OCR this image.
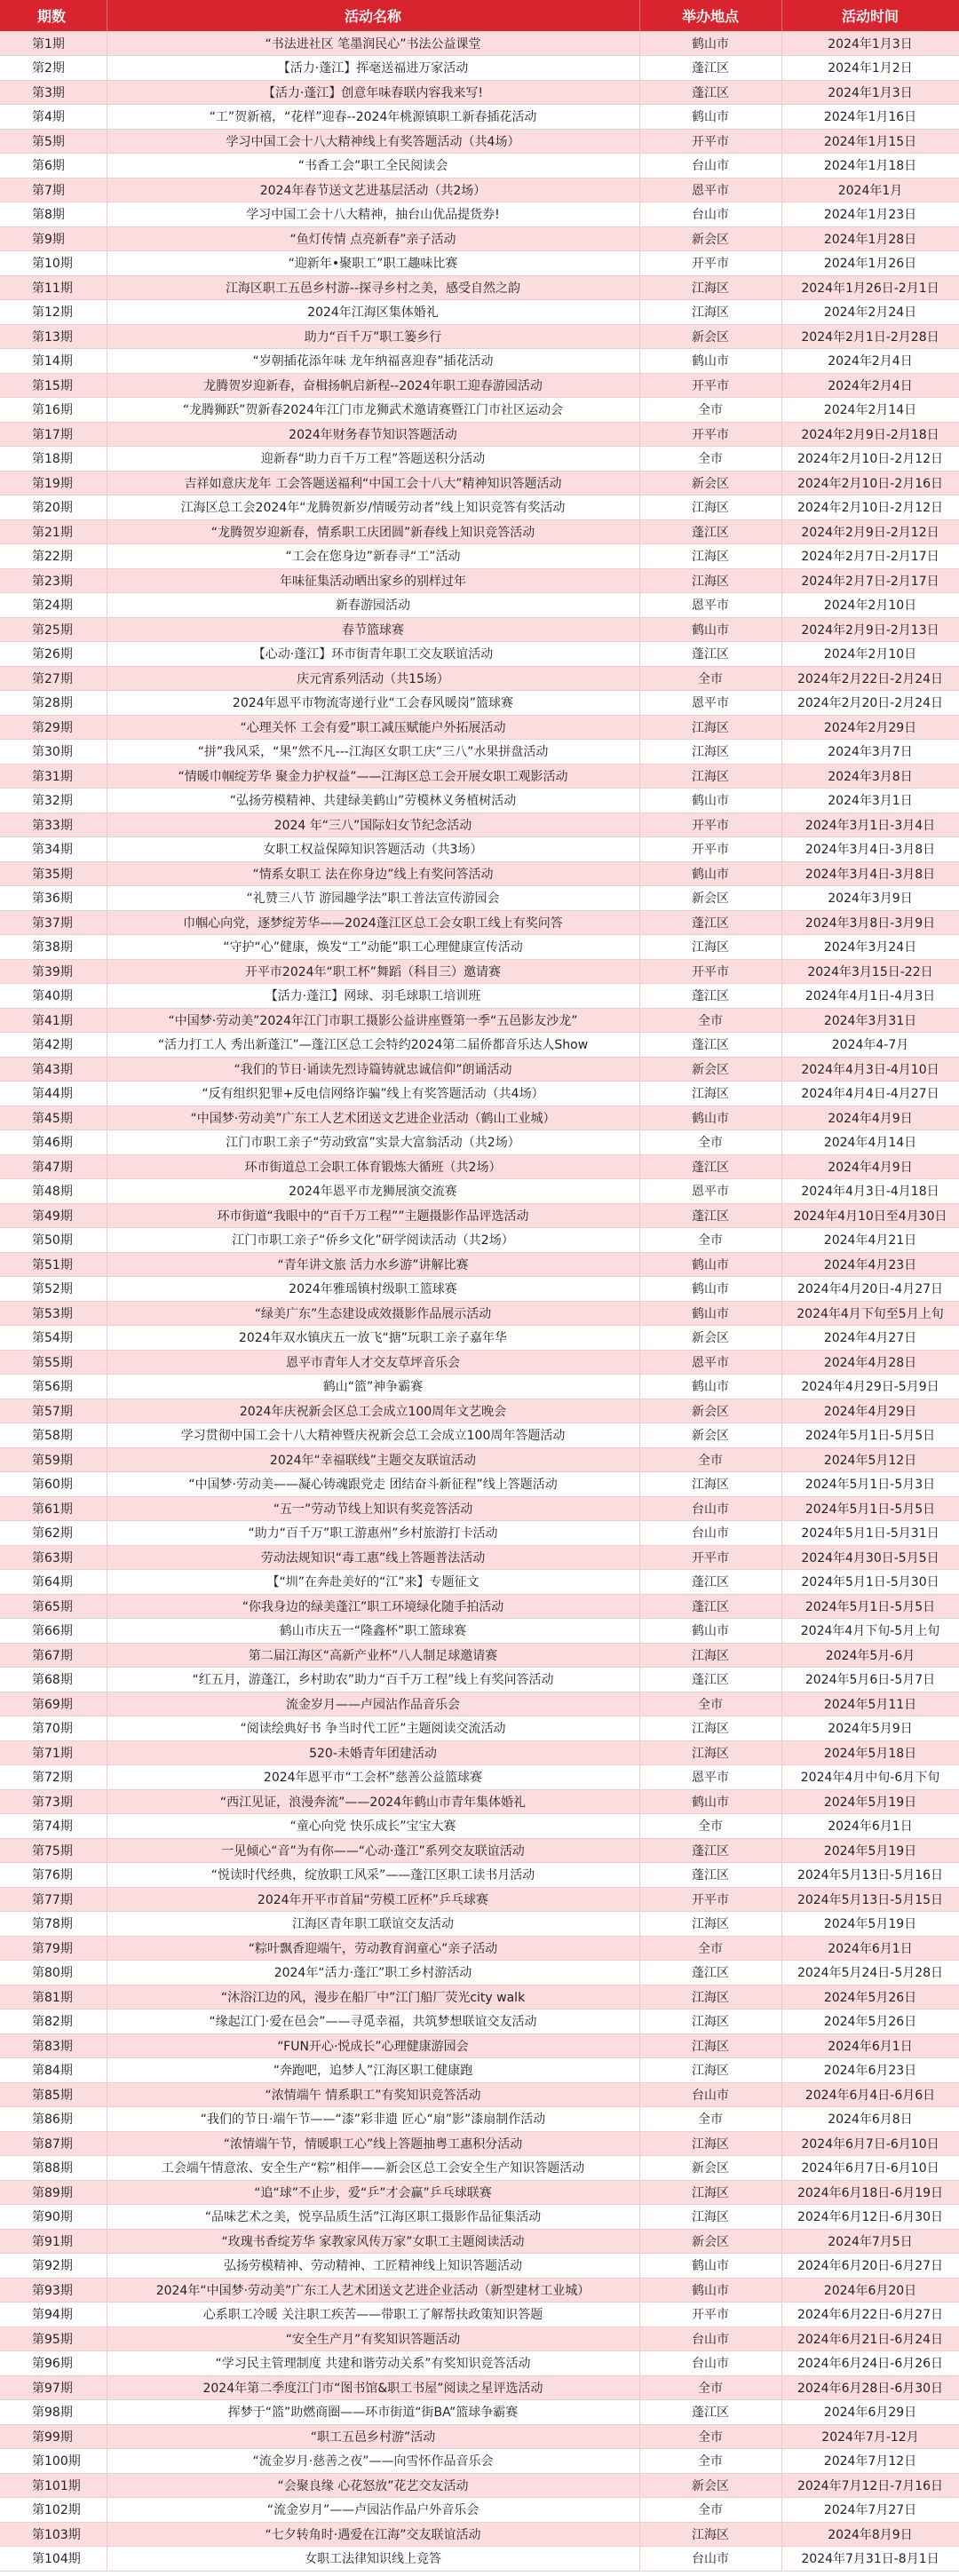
期数	活动名称	举办地点	活动时间
第1期	“书法进社区 笔墨润民心”书法公益课堂	鹤山市	2024年1月3日
第2期	【活力·蓬江】挥毫送福进万家活动	蓬江区	2024年1月2日
第3期	【活力·蓬江】创意年味春联内容我来写!	蓬江区	2024年1月3日
第4期	“工”贺新禧，“花样”迎春--2024年桃源镇职工新春插花活动	鹤山市	2024年1月16日
第5期	学习中国工会十八大精神线上有奖答题活动（共4场）	开平市	2024年1月15日
第6期	“书香工会”职工全民阅读会	台山市	2024年1月18日
第7期	2024年春节送文艺进基层活动（共2场）	恩平市	2024年1月
第8期	学习中国工会十八大精神，抽台山优品提货券!	台山市	2024年1月23日
第9期	“鱼灯传情 点亮新春”亲子活动	新会区	2024年1月28日
第10期	“迎新年•聚职工”职工趣味比赛	开平市	2024年1月26日
第11期	江海区职工五邑乡村游--探寻乡村之美，感受自然之韵	江海区	2024年1月26日-2月1日
第12期	2024年江海区集体婚礼	江海区	2024年2月24日
第13期	助力“百千万”职工篓乡行	新会区	2024年2月1日-2月28日
第14期	“岁朝插花添年味 龙年纳福喜迎春”插花活动	鹤山市	2024年2月4日
第15期	龙腾贺岁迎新春，奋楫扬帆启新程--2024年职工迎春游园活动	开平市	2024年2月4日
第16期	“龙腾狮跃”贺新春2024年江门市龙狮武术邀请赛暨江门市社区运动会	全市	2024年2月14日
第17期	2024年财务春节知识答题活动	开平市	2024年2月9日-2月18日
第18期	迎新春“助力百千万工程”答题送积分活动	全市	2024年2月10日-2月12日
第19期	吉祥如意庆龙年 工会答题送福利“中国工会十八大”精神知识答题活动	新会区	2024年2月10日-2月16日
第20期	江海区总工会2024年“龙腾贺新岁/情暖劳动者”线上知识竞答有奖活动	江海区	2024年2月10日-2月12日
第21期	“龙腾贺岁迎新春，情系职工庆团圆”新春线上知识竞答活动	蓬江区	2024年2月9日-2月12日
第22期	“工会在您身边”新春寻“工”活动	江海区	2024年2月7日-2月17日
第23期	年味征集活动晒出家乡的别样过年	江海区	2024年2月7日-2月17日
第24期	新春游园活动	恩平市	2024年2月10日
第25期	春节篮球赛	鹤山市	2024年2月9日-2月13日
第26期	【心动·蓬江】环市街青年职工交友联谊活动	蓬江区	2024年2月10日
第27期	庆元宵系列活动（共15场）	全市	2024年2月22日-2月24日
第28期	2024年恩平市物流寄递行业“工会春风暖岗”篮球赛	恩平市	2024年2月20日-2月24日
第29期	“心理关怀 工会有爱”职工减压赋能户外拓展活动	江海区	2024年2月29日
第30期	“拼”我风采，“果”然不凡---江海区女职工庆“三八”水果拼盘活动	江海区	2024年3月7日
第31期	“情暖巾帼绽芳华 聚金力护权益”——江海区总工会开展女职工观影活动	江海区	2024年3月8日
第32期	“弘扬劳模精神、共建绿美鹤山”劳模林义务植树活动	鹤山市	2024年3月1日
第33期	2024 年“三八”国际妇女节纪念活动	开平市	2024年3月1日-3月4日
第34期	女职工权益保障知识答题活动（共3场）	开平市	2024年3月4日-3月8日
第35期	“情系女职工 法在你身边”线上有奖问答活动	鹤山市	2024年3月4日-3月8日
第36期	“礼赞三八节 游园趣学法”职工普法宣传游园会	新会区	2024年3月9日
第37期	巾帼心向党，逐梦绽芳华——2024蓬江区总工会女职工线上有奖问答	蓬江区	2024年3月8日-3月9日
第38期	“守护“心”健康，焕发“工”动能”职工心理健康宣传活动	江海区	2024年3月24日
第39期	开平市2024年“职工杯”舞蹈（科目三）邀请赛	开平市	2024年3月15日-22日
第40期	【活力·蓬江】网球、羽毛球职工培训班	蓬江区	2024年4月1日-4月3日
第41期	“中国梦·劳动美”2024年江门市职工摄影公益讲座暨第一季“五邑影友沙龙”	全市	2024年3月31日
第42期	“活力打工人 秀出新蓬江”—蓬江区总工会特约2024第二届侨都音乐达人Show	蓬江区	2024年4-7月
第43期	“我们的节日·诵读先烈诗篇铸就忠诚信仰”朗诵活动	新会区	2024年4月3日-4月10日
第44期	“反有组织犯罪+反电信网络诈骗”线上有奖答题活动（共4场）	江海区	2024年4月4日-4月27日
第45期	“中国梦·劳动美”广东工人艺术团送文艺进企业活动（鹤山工业城）	鹤山市	2024年4月9日
第46期	江门市职工亲子“劳动致富”实景大富翁活动（共2场）	全市	2024年4月14日
第47期	环市街道总工会职工体育锻炼大循班（共2场）	蓬江区	2024年4月9日
第48期	2024年恩平市龙狮展演交流赛	恩平市	2024年4月3日-4月18日
第49期	环市街道“我眼中的“百千万工程””主题摄影作品评选活动	蓬江区	2024年4月10日至4月30日
第50期	江门市职工亲子“侨乡文化”研学阅读活动（共2场）	全市	2024年4月21日
第51期	“青年讲文旅 活力水乡游”讲解比赛	鹤山市	2024年4月23日
第52期	2024年雅瑶镇村级职工篮球赛	鹤山市	2024年4月20日-4月27日
第53期	“绿美广东”生态建设成效摄影作品展示活动	鹤山市	2024年4月下旬至5月上旬
第54期	2024年双水镇庆五一放飞“搪”玩职工亲子嘉年华	新会区	2024年4月27日
第55期	恩平市青年人才交友草坪音乐会	恩平市	2024年4月28日
第56期	鹤山“篮”神争霸赛	鹤山市	2024年4月29日-5月9日
第57期	2024年庆祝新会区总工会成立100周年文艺晚会	新会区	2024年4月29日
第58期	学习贯彻中国工会十八大精神暨庆祝新会总工会成立100周年答题活动	新会区	2024年5月1日-5月5日
第59期	2024年“幸福联线”主题交友联谊活动	全市	2024年5月12日
第60期	“中国梦·劳动美——凝心铸魂跟党走 团结奋斗新征程”线上答题活动	江海区	2024年5月1日-5月3日
第61期	“五一”劳动节线上知识有奖竞答活动	台山市	2024年5月1日-5月5日
第62期	“助力“百千万”职工游惠州”乡村旅游打卡活动	台山市	2024年5月1日-5月31日
第63期	劳动法规知识“毒工惠”线上答题普法活动	开平市	2024年4月30日-5月5日
第64期	【“圳”在奔赴美好的“江”来】专题征文	蓬江区	2024年5月1日-5月30日
第65期	“你我身边的绿美蓬江”职工环境绿化随手拍活动	蓬江区	2024年5月1日-5月5日
第66期	鹤山市庆五一“隆鑫杯”职工篮球赛	鹤山市	2024年4月下旬-5月上旬
第67期	第二届江海区“高新产业杯”八人制足球邀请赛	江海区	2024年5月-6月
第68期	“红五月，游蓬江，乡村助农”助力“百千万工程”线上有奖问答活动	蓬江区	2024年5月6日-5月7日
第69期	流金岁月——卢园沾作品音乐会	全市	2024年5月11日
第70期	“阅读绘典好书 争当时代工匠”主题阅读交流活动	江海区	2024年5月9日
第71期	520-未婚青年团建活动	江海区	2024年5月18日
第72期	2024年恩平市“工会杯”慈善公益篮球赛	恩平市	2024年4月中旬-6月下旬
第73期	“西江见证，浪漫奔流”——2024年鹤山市青年集体婚礼	鹤山市	2024年5月19日
第74期	“童心向党 快乐成长”宝宝大赛	全市	2024年6月1日
第75期	一见倾心“音”为有你——“心动·蓬江”系列交友联谊活动	蓬江区	2024年5月19日
第76期	“悦读时代经典，绽放职工风采”——蓬江区职工读书月活动	蓬江区	2024年5月13日-5月16日
第77期	2024年开平市首届“劳模工匠杯”乒乓球赛	开平市	2024年5月13日-5月15日
第78期	江海区青年职工联谊交友活动	江海区	2024年5月19日
第79期	“粽叶飘香迎端午，劳动教育润童心”亲子活动	全市	2024年6月1日
第80期	2024年“活力·蓬江”职工乡村游活动	蓬江区	2024年5月24日-5月28日
第81期	“沐浴江边的风，漫步在船厂中”江门船厂荧光city walk	江海区	2024年5月26日
第82期	“缘起江门·爱在邑会”——寻觅幸福，共筑梦想联谊交友活动	江海区	2024年5月26日
第83期	“FUN开心·悦成长”心理健康游园会	江海区	2024年6月1日
第84期	“奔跑吧，追梦人”江海区职工健康跑	江海区	2024年6月23日
第85期	“浓情端午 情系职工”有奖知识竞答活动	台山市	2024年6月4日-6月6日
第86期	“我们的节日·端午节——“漆”彩非遗 匠心“扇”影”漆扇制作活动	全市	2024年6月8日
第87期	“浓情端午节，情暖职工心”线上答题抽粤工惠积分活动	江海区	2024年6月7日-6月10日
第88期	工会端午情意浓、安全生产“粽”相伴——新会区总工会安全生产知识答题活动	新会区	2024年6月7日-6月10日
第89期	“追“球”不止步，爱“乒”才会赢”乒乓球联赛	江海区	2024年6月18日-6月19日
第90期	“品味艺术之美，悦享品质生活”江海区职工摄影作品征集活动	江海区	2024年6月12日-6月30日
第91期	“玫瑰书香绽芳华 家教家风传万家”女职工主题阅读活动	新会区	2024年7月5日
第92期	弘扬劳模精神、劳动精神、工匠精神线上知识答题活动	鹤山市	2024年6月20日-6月27日
第93期	2024年“中国梦·劳动美”广东工人艺术团送文艺进企业活动（新型建材工业城）	鹤山市	2024年6月20日
第94期	心系职工冷暖 关注职工疾苦——带职工了解帮扶政策知识答题	开平市	2024年6月22日-6月27日
第95期	“安全生产月”有奖知识答题活动	台山市	2024年6月21日-6月24日
第96期	“学习民主管理制度 共建和谐劳动关系”有奖知识竞答活动	台山市	2024年6月24日-6月26日
第97期	2024年第二季度江门市“图书馆&职工书屋”阅读之星评选活动	全市	2024年6月28日-6月30日
第98期	挥梦于“篮”助燃商圈——环市街道“街BA”篮球争霸赛	蓬江区	2024年6月29日
第99期	“职工五邑乡村游”活动	全市	2024年7月-12月
第100期	“流金岁月·慈善之夜”——向雪怀作品音乐会	全市	2024年7月12日
第101期	“会聚良缘 心花怒放”花艺交友活动	新会区	2024年7月12日-7月16日
第102期	“流金岁月”——卢园沾作品户外音乐会	全市	2024年7月27日
第103期	“七夕转角时·遇爱在江海”交友联谊活动	江海区	2024年8月9日
第104期	女职工法律知识线上竞答	台山市	2024年7月31日-8月1日
